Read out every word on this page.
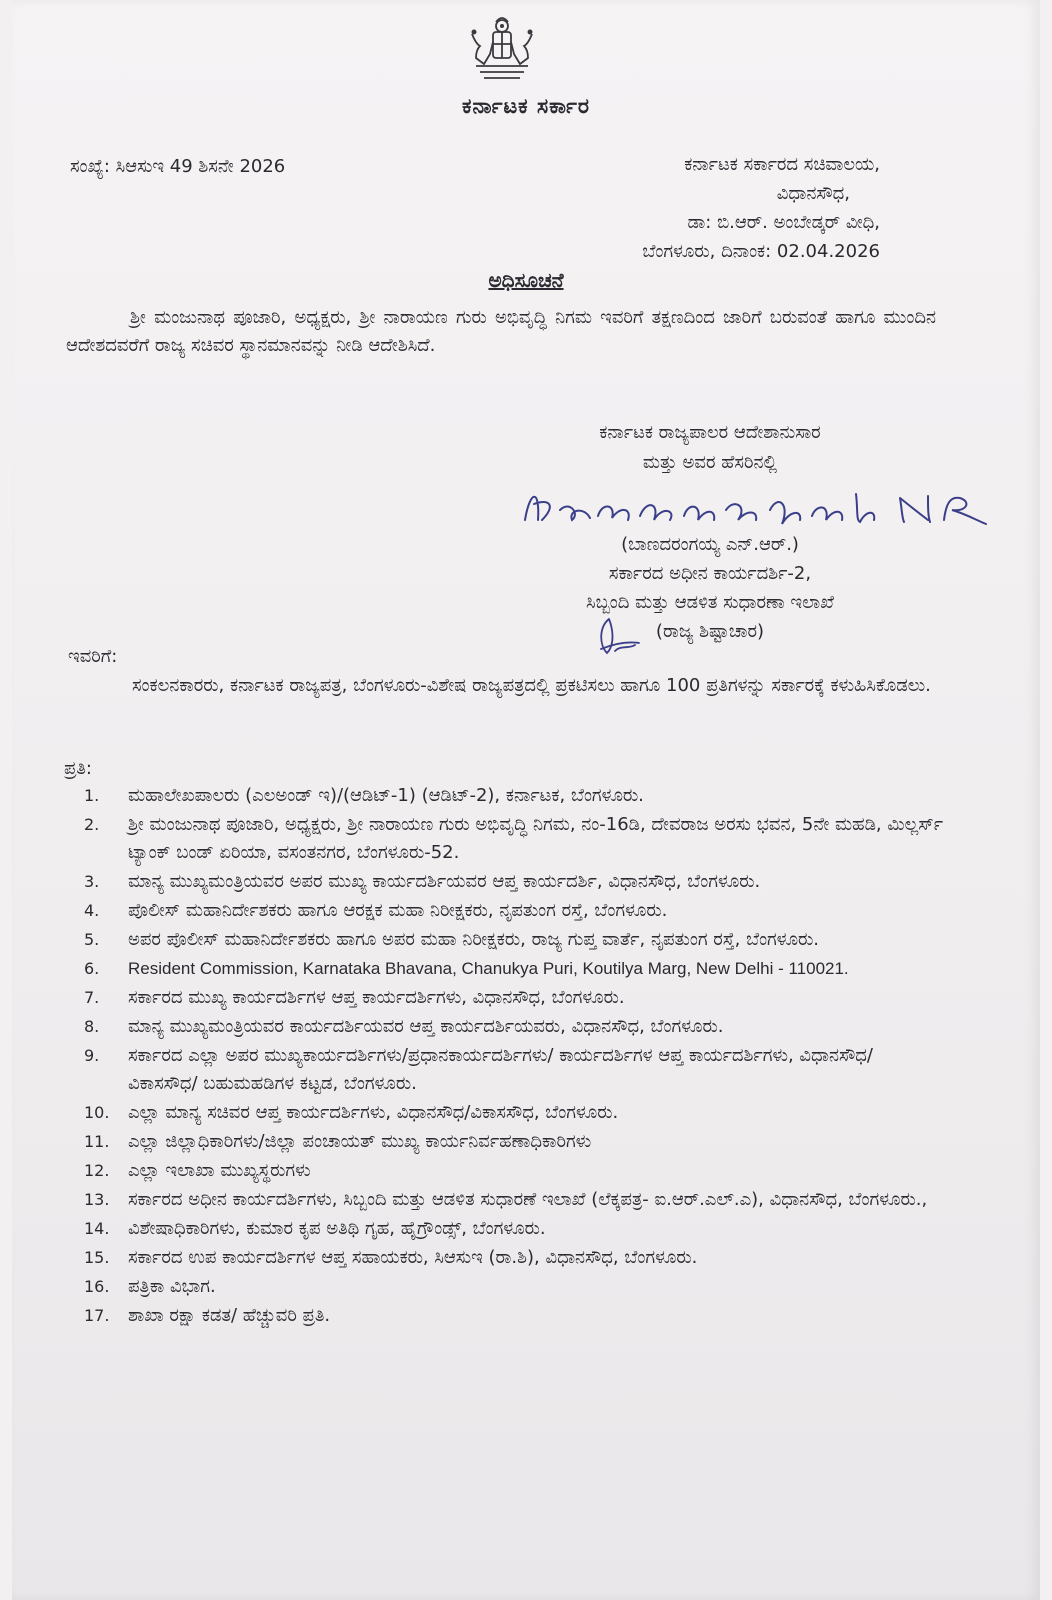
ಕರ್ನಾಟಕ ಸರ್ಕಾರ
ಸಂಖ್ಯೆ: ಸಿಆಸುಇ 49 ಶಿಸನೇ 2026	ಕರ್ನಾಟಕ ಸರ್ಕಾರದ ಸಚಿವಾಲಯ,
ವಿಧಾನಸೌಧ,
ಡಾ: ಬಿ.ಆರ್. ಅಂಬೇಡ್ಕರ್ ವೀಧಿ,
ಬೆಂಗಳೂರು, ದಿನಾಂಕ: 02.04.2026
ಅಧಿಸೂಚನೆ
ಶ್ರೀ ಮಂಜುನಾಥ ಪೂಜಾರಿ, ಅಧ್ಯಕ್ಷರು, ಶ್ರೀ ನಾರಾಯಣ ಗುರು ಅಭಿವೃದ್ಧಿ ನಿಗಮ ಇವರಿಗೆ ತಕ್ಷಣದಿಂದ ಜಾರಿಗೆ ಬರುವಂತೆ ಹಾಗೂ ಮುಂದಿನ ಆದೇಶದವರೆಗೆ ರಾಜ್ಯ ಸಚಿವರ ಸ್ಥಾನಮಾನವನ್ನು ನೀಡಿ ಆದೇಶಿಸಿದೆ.
ಕರ್ನಾಟಕ ರಾಜ್ಯಪಾಲರ ಆದೇಶಾನುಸಾರ
ಮತ್ತು ಅವರ ಹೆಸರಿನಲ್ಲಿ
(ಬಾಣದರಂಗಯ್ಯ ಎನ್.ಆರ್.)
ಸರ್ಕಾರದ ಅಧೀನ ಕಾರ್ಯದರ್ಶಿ-2,
ಸಿಬ್ಬಂದಿ ಮತ್ತು ಆಡಳಿತ ಸುಧಾರಣಾ ಇಲಾಖೆ
(ರಾಜ್ಯ ಶಿಷ್ಟಾಚಾರ)
ಇವರಿಗೆ:
ಸಂಕಲನಕಾರರು, ಕರ್ನಾಟಕ ರಾಜ್ಯಪತ್ರ, ಬೆಂಗಳೂರು-ವಿಶೇಷ ರಾಜ್ಯಪತ್ರದಲ್ಲಿ ಪ್ರಕಟಿಸಲು ಹಾಗೂ 100 ಪ್ರತಿಗಳನ್ನು ಸರ್ಕಾರಕ್ಕೆ ಕಳುಹಿಸಿಕೊಡಲು.
ಪ್ರತಿ:
1. ಮಹಾಲೇಖಪಾಲರು (ಎಲಅಂಡ್ ಇ)/(ಆಡಿಟ್-1) (ಆಡಿಟ್-2), ಕರ್ನಾಟಕ, ಬೆಂಗಳೂರು.
2. ಶ್ರೀ ಮಂಜುನಾಥ ಪೂಜಾರಿ, ಅಧ್ಯಕ್ಷರು, ಶ್ರೀ ನಾರಾಯಣ ಗುರು ಅಭಿವೃದ್ಧಿ ನಿಗಮ, ನಂ-16ಡಿ, ದೇವರಾಜ ಅರಸು ಭವನ, 5ನೇ ಮಹಡಿ, ಮಿಲ್ಲರ್ಸ್ ಟ್ಯಾಂಕ್ ಬಂಡ್ ಏರಿಯಾ, ವಸಂತನಗರ, ಬೆಂಗಳೂರು-52.
3. ಮಾನ್ಯ ಮುಖ್ಯಮಂತ್ರಿಯವರ ಅಪರ ಮುಖ್ಯ ಕಾರ್ಯದರ್ಶಿಯವರ ಆಪ್ತ ಕಾರ್ಯದರ್ಶಿ, ವಿಧಾನಸೌಧ, ಬೆಂಗಳೂರು.
4. ಪೊಲೀಸ್ ಮಹಾನಿರ್ದೇಶಕರು ಹಾಗೂ ಆರಕ್ಷಕ ಮಹಾ ನಿರೀಕ್ಷಕರು, ನೃಪತುಂಗ ರಸ್ತೆ, ಬೆಂಗಳೂರು.
5. ಅಪರ ಪೊಲೀಸ್ ಮಹಾನಿರ್ದೇಶಕರು ಹಾಗೂ ಅಪರ ಮಹಾ ನಿರೀಕ್ಷಕರು, ರಾಜ್ಯ ಗುಪ್ತ ವಾರ್ತೆ, ನೃಪತುಂಗ ರಸ್ತೆ, ಬೆಂಗಳೂರು.
6. Resident Commission, Karnataka Bhavana, Chanukya Puri, Koutilya Marg, New Delhi - 110021.
7. ಸರ್ಕಾರದ ಮುಖ್ಯ ಕಾರ್ಯದರ್ಶಿಗಳ ಆಪ್ತ ಕಾರ್ಯದರ್ಶಿಗಳು, ವಿಧಾನಸೌಧ, ಬೆಂಗಳೂರು.
8. ಮಾನ್ಯ ಮುಖ್ಯಮಂತ್ರಿಯವರ ಕಾರ್ಯದರ್ಶಿಯವರ ಆಪ್ತ ಕಾರ್ಯದರ್ಶಿಯವರು, ವಿಧಾನಸೌಧ, ಬೆಂಗಳೂರು.
9. ಸರ್ಕಾರದ ಎಲ್ಲಾ ಅಪರ ಮುಖ್ಯಕಾರ್ಯದರ್ಶಿಗಳು/ಪ್ರಧಾನಕಾರ್ಯದರ್ಶಿಗಳು/ ಕಾರ್ಯದರ್ಶಿಗಳ ಆಪ್ತ ಕಾರ್ಯದರ್ಶಿಗಳು, ವಿಧಾನಸೌಧ/ ವಿಕಾಸಸೌಧ/ ಬಹುಮಹಡಿಗಳ ಕಟ್ಟಡ, ಬೆಂಗಳೂರು.
10. ಎಲ್ಲಾ ಮಾನ್ಯ ಸಚಿವರ ಆಪ್ತ ಕಾರ್ಯದರ್ಶಿಗಳು, ವಿಧಾನಸೌಧ/ವಿಕಾಸಸೌಧ, ಬೆಂಗಳೂರು.
11. ಎಲ್ಲಾ ಜಿಲ್ಲಾಧಿಕಾರಿಗಳು/ಜಿಲ್ಲಾ ಪಂಚಾಯತ್ ಮುಖ್ಯ ಕಾರ್ಯನಿರ್ವಹಣಾಧಿಕಾರಿಗಳು
12. ಎಲ್ಲಾ ಇಲಾಖಾ ಮುಖ್ಯಸ್ಥರುಗಳು
13. ಸರ್ಕಾರದ ಅಧೀನ ಕಾರ್ಯದರ್ಶಿಗಳು, ಸಿಬ್ಬಂದಿ ಮತ್ತು ಆಡಳಿತ ಸುಧಾರಣೆ ಇಲಾಖೆ (ಲೆಕ್ಕಪತ್ರ- ಐ.ಆರ್.ಎಲ್.ಎ), ವಿಧಾನಸೌಧ, ಬೆಂಗಳೂರು.,
14. ವಿಶೇಷಾಧಿಕಾರಿಗಳು, ಕುಮಾರ ಕೃಪ ಅತಿಥಿ ಗೃಹ, ಹೈಗ್ರೌಂಡ್ಸ್, ಬೆಂಗಳೂರು.
15. ಸರ್ಕಾರದ ಉಪ ಕಾರ್ಯದರ್ಶಿಗಳ ಆಪ್ತ ಸಹಾಯಕರು, ಸಿಆಸುಇ (ರಾ.ಶಿ), ವಿಧಾನಸೌಧ, ಬೆಂಗಳೂರು.
16. ಪತ್ರಿಕಾ ವಿಭಾಗ.
17. ಶಾಖಾ ರಕ್ಷಾ ಕಡತ/ ಹೆಚ್ಚುವರಿ ಪ್ರತಿ.
